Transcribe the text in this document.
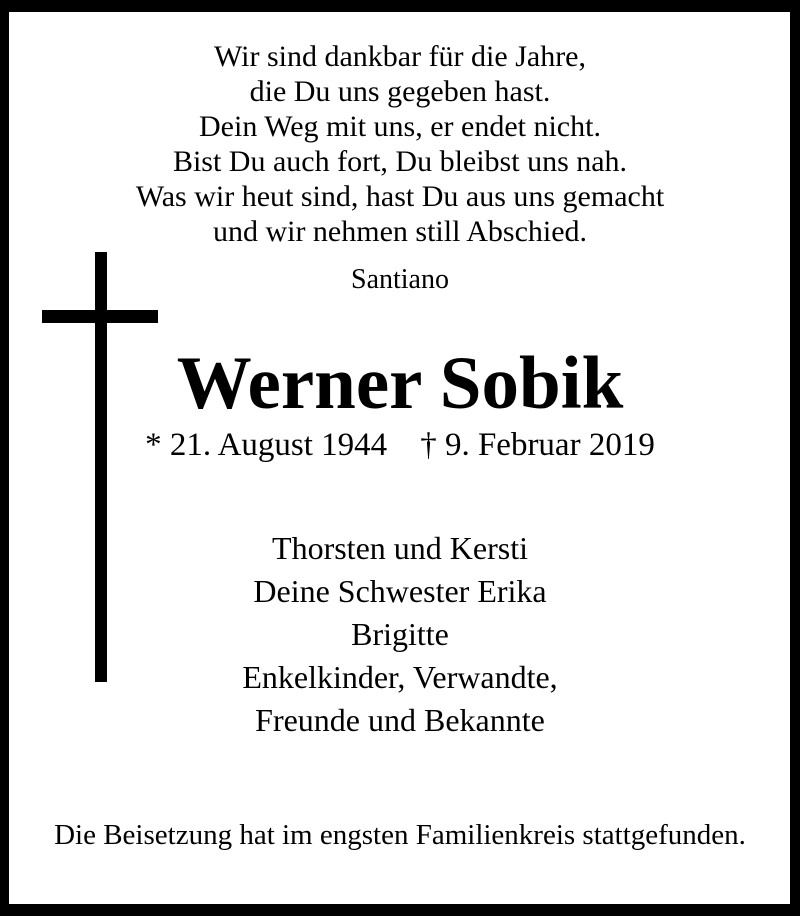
Wir sind dankbar für die Jahre,
die Du uns gegeben hast.
Dein Weg mit uns, er endet nicht.
Bist Du auch fort, Du bleibst uns nah.
Was wir heut sind, hast Du aus uns gemacht
und wir nehmen still Abschied.
Santiano
Werner Sobik
* 21. August 1944 † 9. Februar 2019
Thorsten und Kersti
Deine Schwester Erika
Brigitte
Enkelkinder, Verwandte,
Freunde und Bekannte
Die Beisetzung hat im engsten Familienkreis stattgefunden.
